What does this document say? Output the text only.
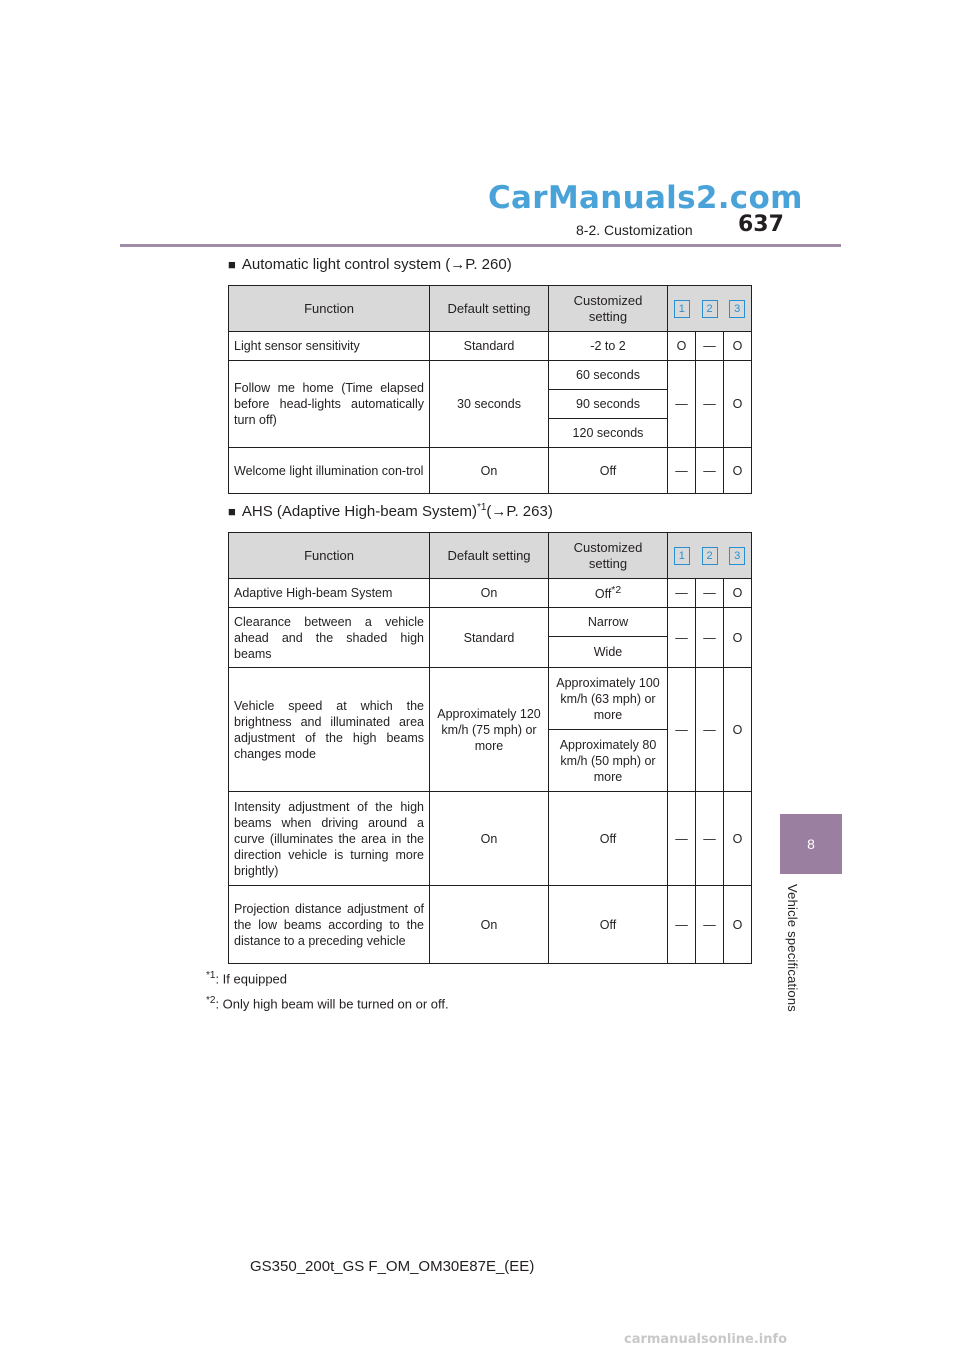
CarManuals2.com
8-2. Customization 637
8
Vehicle specifications
■ Automatic light control system (→P. 260)
Function	Default setting	Customized setting	1 2 3		

Light sensor sensitivity	Standard	-2 to 2	O	—	O
Follow me home (Time elapsed before head-lights automatically turn off)	30 seconds	60 seconds	—	—	O
		90 seconds			
		120 seconds			
Welcome light illumination con-trol	On	Off	—	—	O
■ AHS (Adaptive High-beam System)$^{*1}$(→P. 263)
Function	Default setting	Customized setting	1 2 3		

Adaptive High-beam System	On	Off$^{*2}$	—	—	O
Clearance between a vehicle ahead and the shaded high beams	Standard	Narrow	—	—	O
		Wide			
Vehicle speed at which the brightness and illuminated area adjustment of the high beams changes mode	Approximately 120 km/h (75 mph) or more	Approximately 100 km/h (63 mph) or more	—	—	O
		Approximately 80 km/h (50 mph) or more			
Intensity adjustment of the high beams when driving around a curve (illuminates the area in the direction vehicle is turning more brightly)	On	Off	—	—	O
Projection distance adjustment of the low beams according to the distance to a preceding vehicle	On	Off	—	—	O
$^{*1}$: If equipped
$^{*2}$: Only high beam will be turned on or off.
GS350_200t_GS F_OM_OM30E87E_(EE)
carmanualsonline.info
